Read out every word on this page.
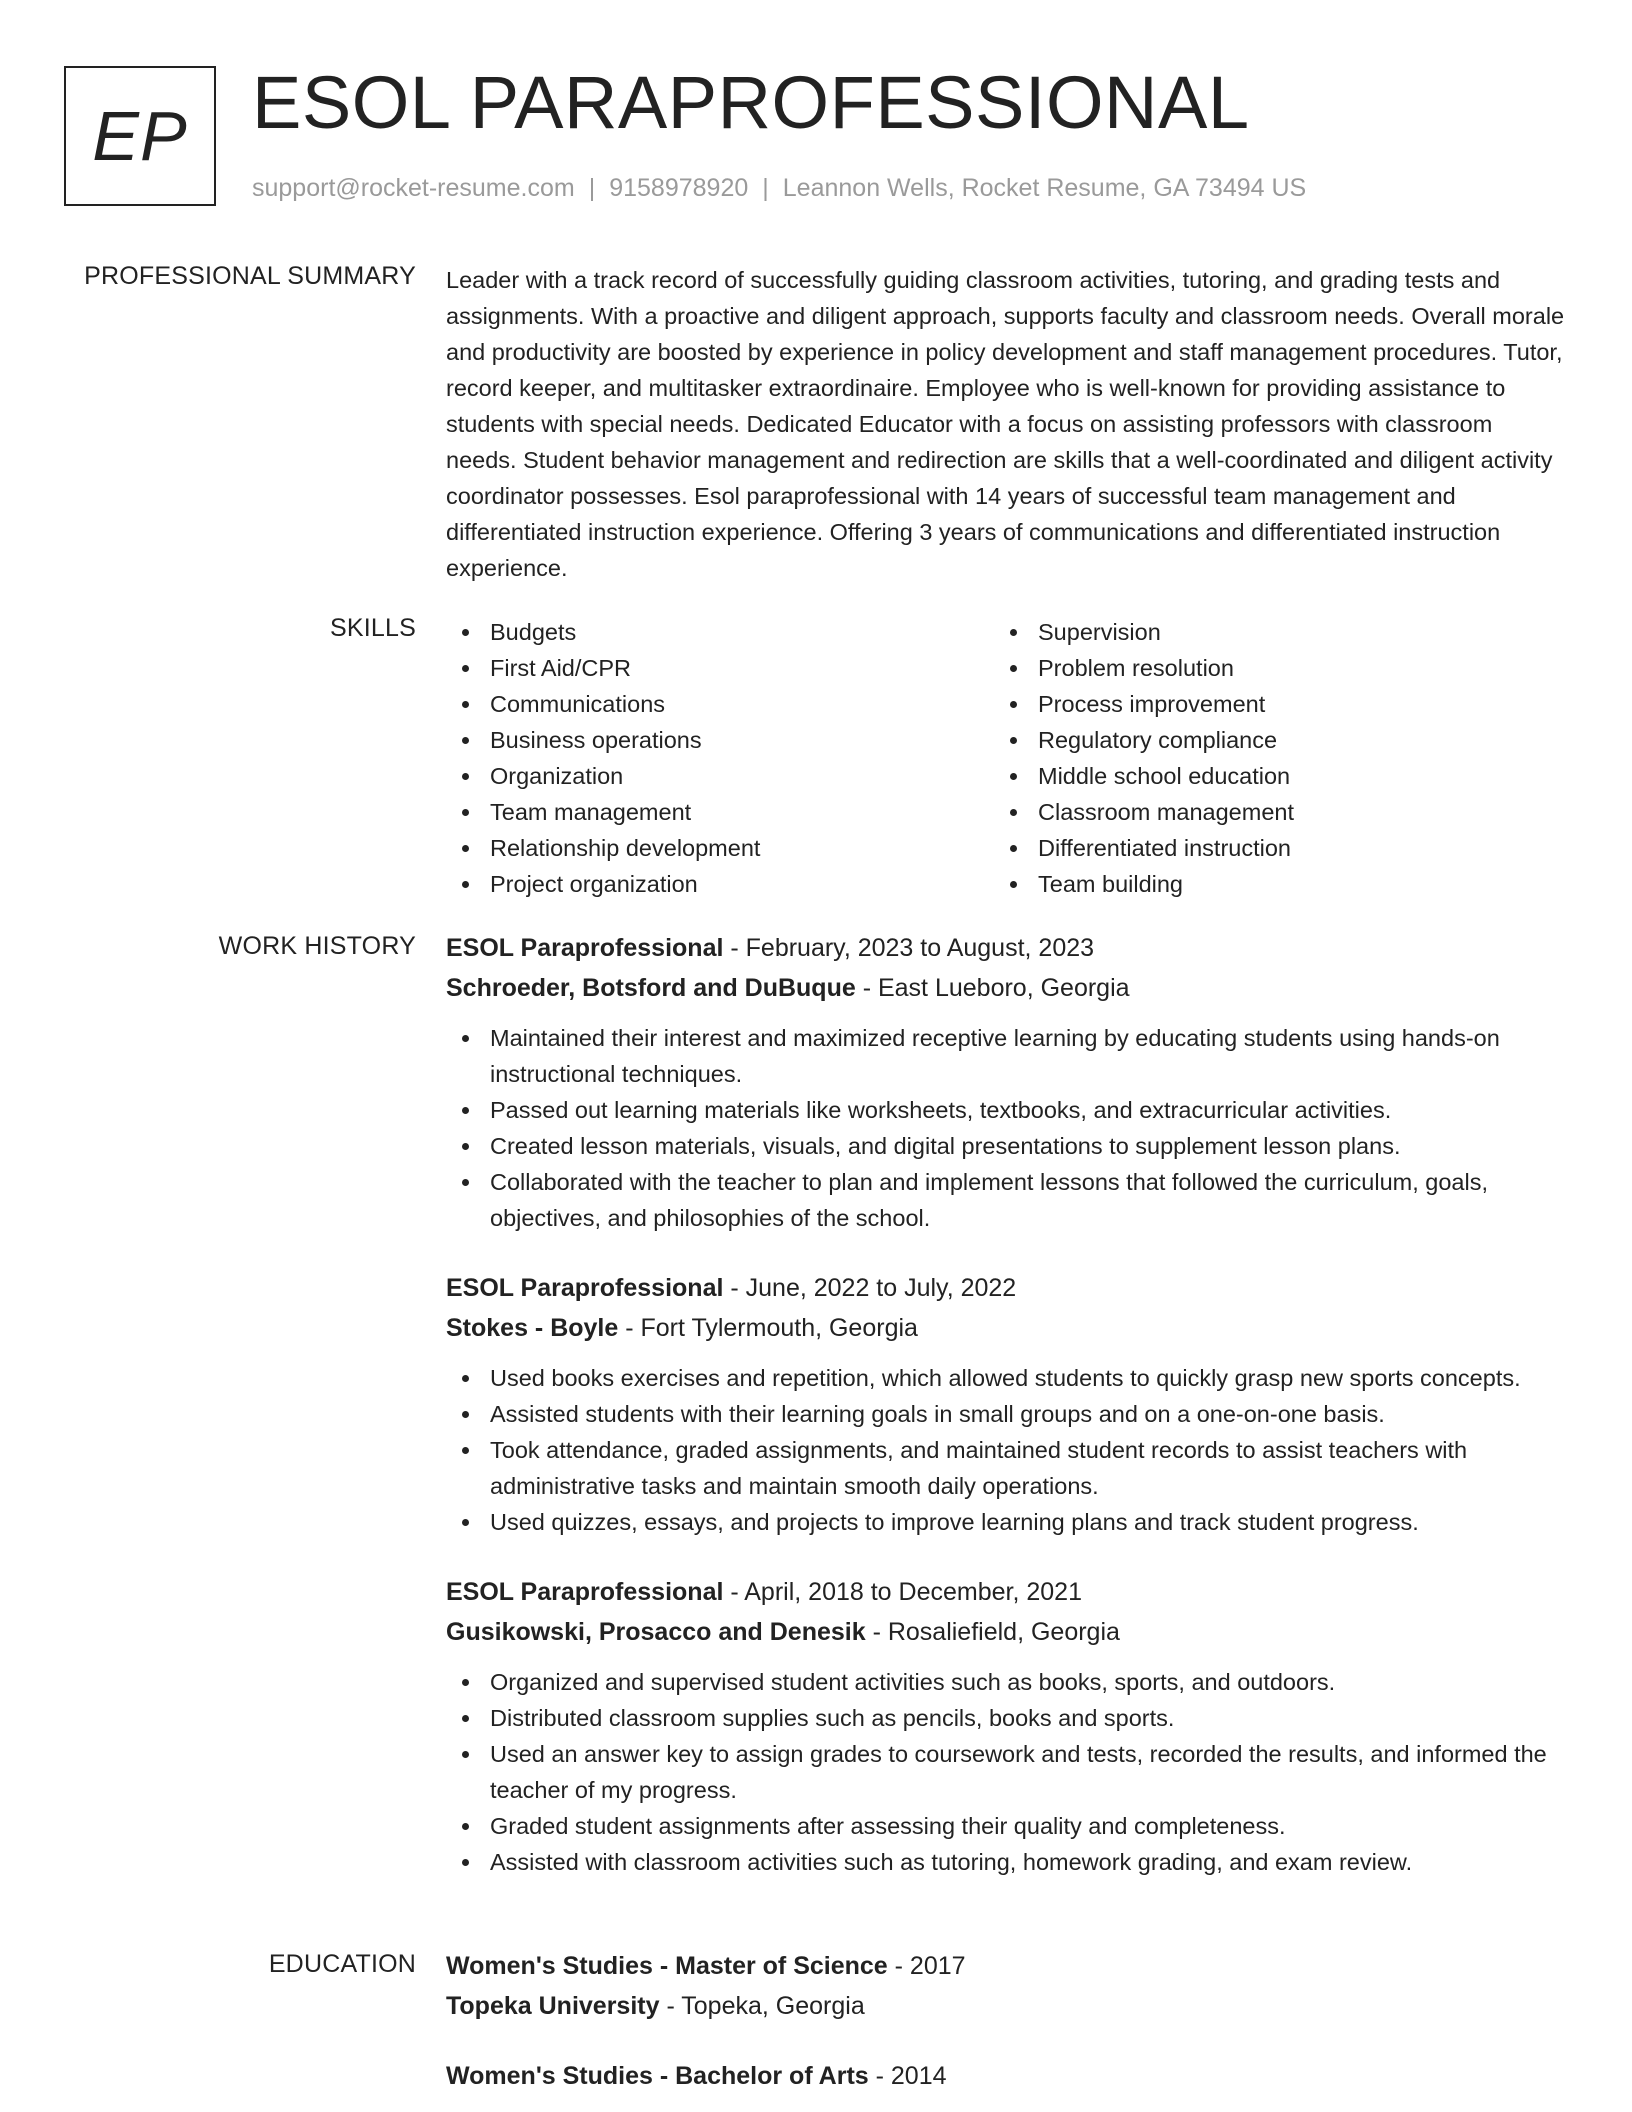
EP ESOL PARAPROFESSIONAL
support@rocket-resume.com | 9158978920 | Leannon Wells, Rocket Resume, GA 73494 US
PROFESSIONAL SUMMARY Leader with a track record of successfully guiding classroom activities, tutoring, and grading tests and assignments. With a proactive and diligent approach, supports faculty and classroom needs. Overall morale and productivity are boosted by experience in policy development and staff management procedures. Tutor, record keeper, and multitasker extraordinaire. Employee who is well-known for providing assistance to students with special needs. Dedicated Educator with a focus on assisting professors with classroom needs. Student behavior management and redirection are skills that a well-coordinated and diligent activity coordinator possesses. Esol paraprofessional with 14 years of successful team management and differentiated instruction experience. Offering 3 years of communications and differentiated instruction experience.
SKILLS	Budgets
First Aid/CPR
Communications
Business operations
Organization
Team management
Relationship development
Project organization
Supervision
Problem resolution
Process improvement
Regulatory compliance
Middle school education
Classroom management
Differentiated instruction
Team building
WORK HISTORY ESOL Paraprofessional - February, 2023 to August, 2023
Schroeder, Botsford and DuBuque - East Lueboro, Georgia
Maintained their interest and maximized receptive learning by educating students using hands-on instructional techniques.
Passed out learning materials like worksheets, textbooks, and extracurricular activities.
Created lesson materials, visuals, and digital presentations to supplement lesson plans.
Collaborated with the teacher to plan and implement lessons that followed the curriculum, goals, objectives, and philosophies of the school.
ESOL Paraprofessional - June, 2022 to July, 2022
Stokes - Boyle - Fort Tylermouth, Georgia
Used books exercises and repetition, which allowed students to quickly grasp new sports concepts.
Assisted students with their learning goals in small groups and on a one-on-one basis.
Took attendance, graded assignments, and maintained student records to assist teachers with administrative tasks and maintain smooth daily operations.
Used quizzes, essays, and projects to improve learning plans and track student progress.
ESOL Paraprofessional - April, 2018 to December, 2021
Gusikowski, Prosacco and Denesik - Rosaliefield, Georgia
Organized and supervised student activities such as books, sports, and outdoors.
Distributed classroom supplies such as pencils, books and sports.
Used an answer key to assign grades to coursework and tests, recorded the results, and informed the teacher of my progress.
Graded student assignments after assessing their quality and completeness.
Assisted with classroom activities such as tutoring, homework grading, and exam review.
EDUCATION Women's Studies - Master of Science - 2017
Topeka University - Topeka, Georgia
Women's Studies - Bachelor of Arts - 2014
